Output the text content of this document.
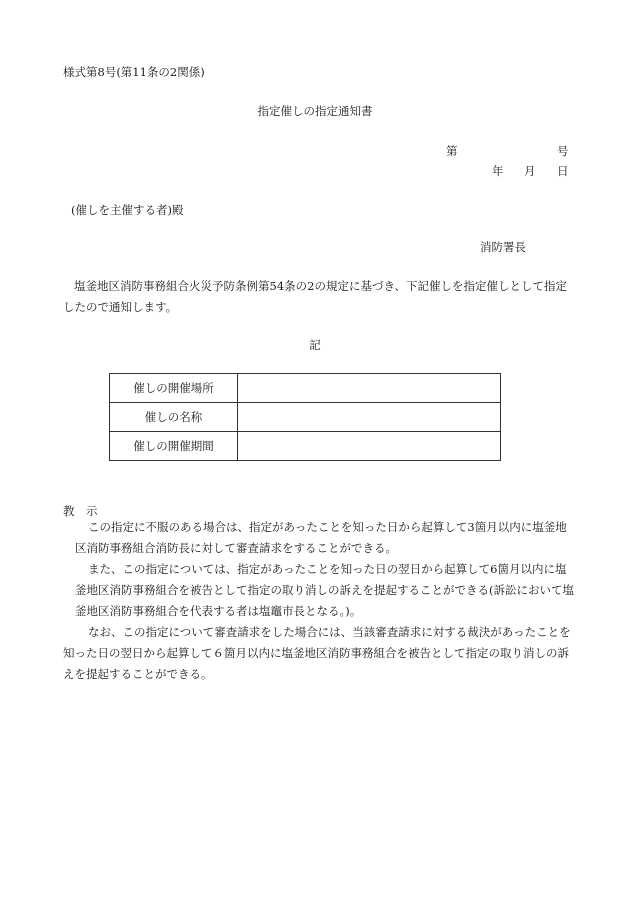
様式第8号(第11条の2関係)
指定催しの指定通知書
第	号
年 月 日
(催しを主催する者)殿
消防署長
塩釜地区消防事務組合火災予防条例第54条の2の規定に基づき、下記催しを指定催しとして指定したので通知します。
記
催しの開催場所	
催しの名称	
催しの開催期間	
教　示
この指定に不服のある場合は、指定があったことを知った日から起算して3箇月以内に塩釜地区消防事務組合消防長に対して審査請求をすることができる。
また、この指定については、指定があったことを知った日の翌日から起算して6箇月以内に塩釜地区消防事務組合を被告として指定の取り消しの訴えを提起することができる(訴訟において塩釜地区消防事務組合を代表する者は塩竈市長となる。)。
なお、この指定について審査請求をした場合には、当該審査請求に対する裁決があったことを知った日の翌日から起算して６箇月以内に塩釜地区消防事務組合を被告として指定の取り消しの訴えを提起することができる。
